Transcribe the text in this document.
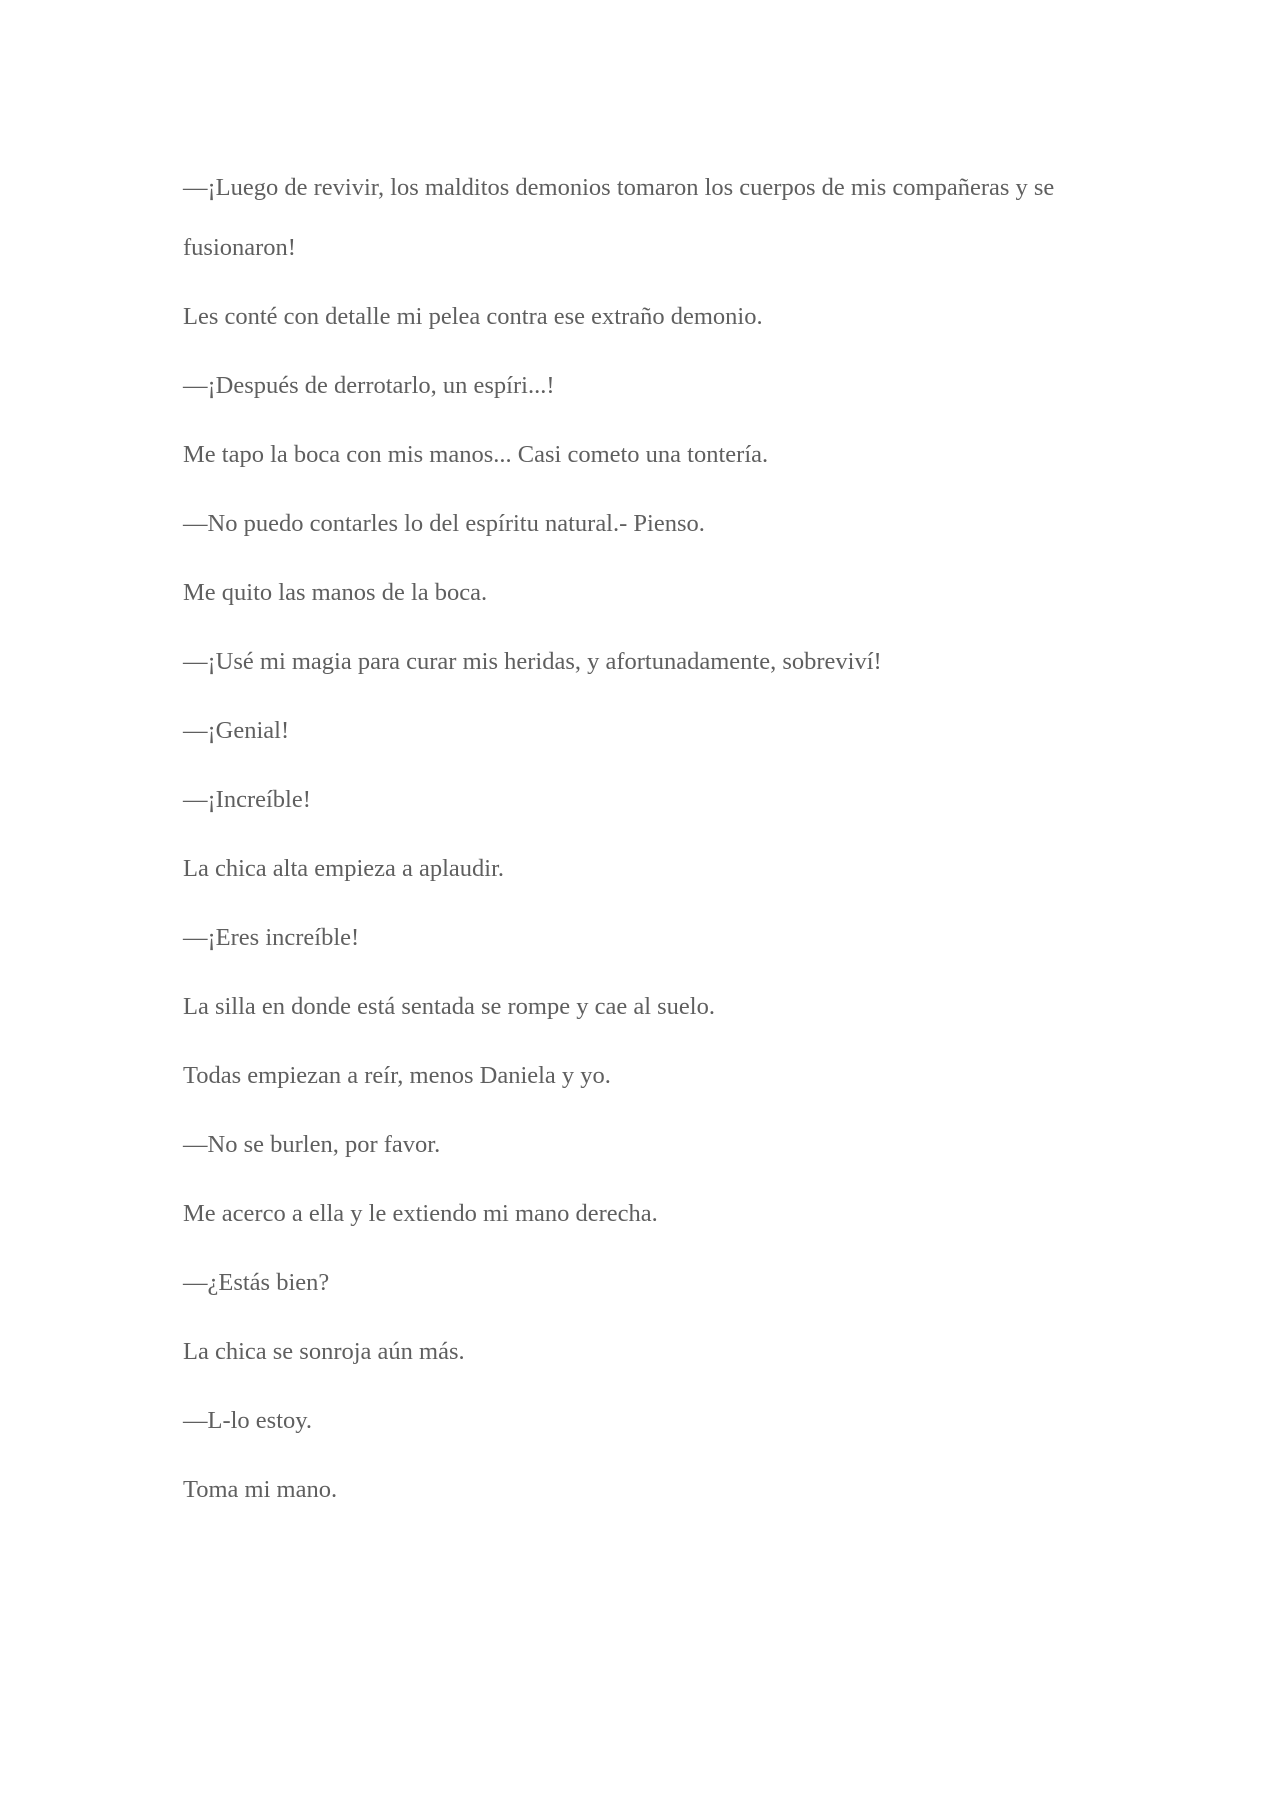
—¡Luego de revivir, los malditos demonios tomaron los cuerpos de mis compañeras y se fusionaron!

Les conté con detalle mi pelea contra ese extraño demonio.

—¡Después de derrotarlo, un espíri...!

Me tapo la boca con mis manos... Casi cometo una tontería.

—No puedo contarles lo del espíritu natural.- Pienso.

Me quito las manos de la boca.

—¡Usé mi magia para curar mis heridas, y afortunadamente, sobreviví!

—¡Genial!

—¡Increíble!

La chica alta empieza a aplaudir.

—¡Eres increíble!

La silla en donde está sentada se rompe y cae al suelo.

Todas empiezan a reír, menos Daniela y yo.

—No se burlen, por favor.

Me acerco a ella y le extiendo mi mano derecha.

—¿Estás bien?

La chica se sonroja aún más.

—L-lo estoy.

Toma mi mano.
